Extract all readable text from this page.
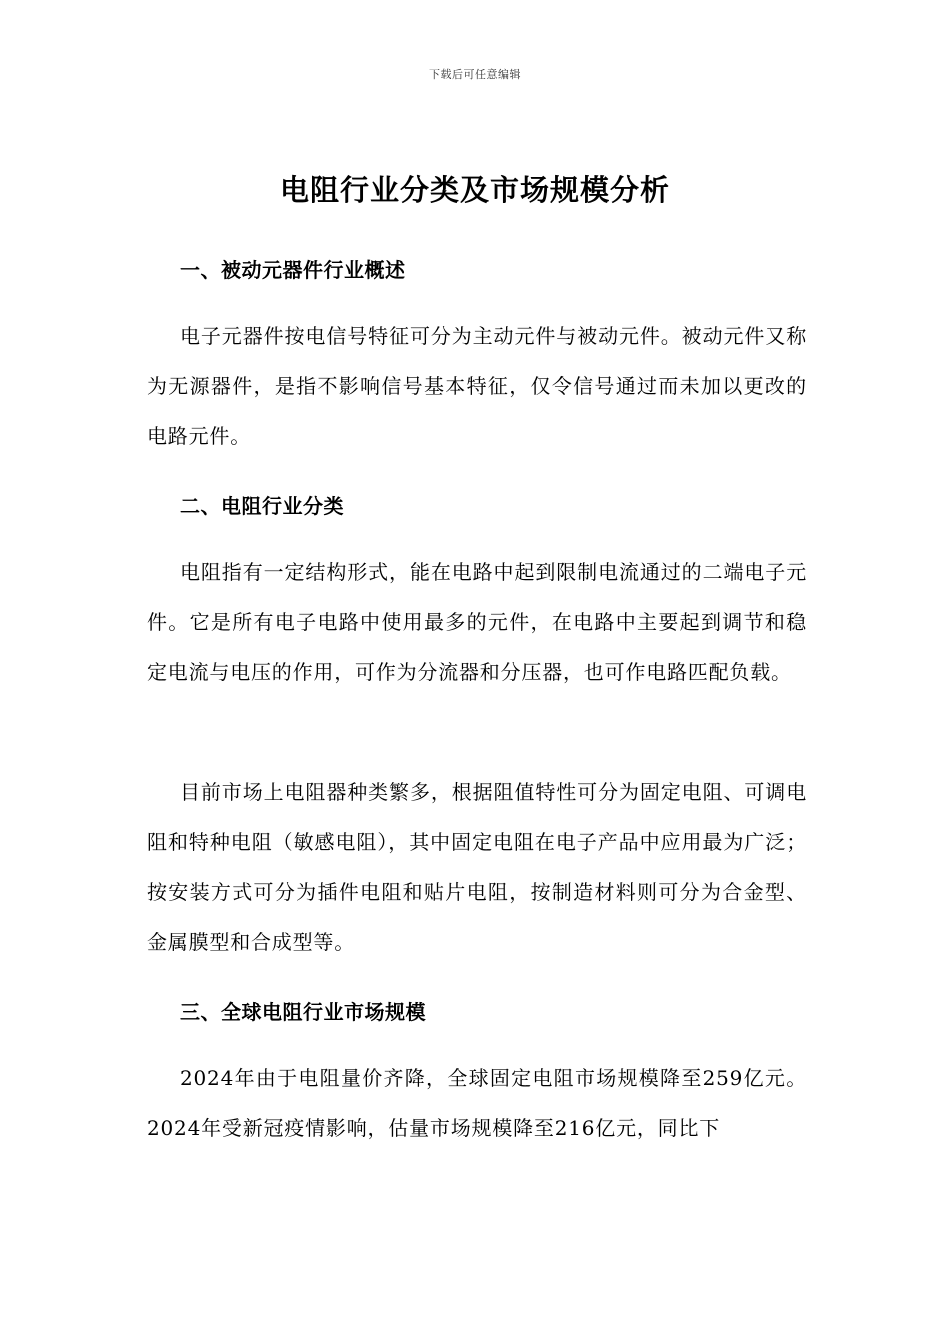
下载后可任意编辑
电阻行业分类及市场规模分析
一、被动元器件行业概述
电子元器件按电信号特征可分为主动元件与被动元件。被动元件又称为无源器件，是指不影响信号基本特征，仅令信号通过而未加以更改的电路元件。
二、电阻行业分类
电阻指有一定结构形式，能在电路中起到限制电流通过的二端电子元件。它是所有电子电路中使用最多的元件，在电路中主要起到调节和稳定电流与电压的作用，可作为分流器和分压器，也可作电路匹配负载。
目前市场上电阻器种类繁多，根据阻值特性可分为固定电阻、可调电阻和特种电阻（敏感电阻），其中固定电阻在电子产品中应用最为广泛；按安装方式可分为插件电阻和贴片电阻，按制造材料则可分为合金型、金属膜型和合成型等。
三、全球电阻行业市场规模
2024年由于电阻量价齐降，全球固定电阻市场规模降至259亿元。2024年受新冠疫情影响，估量市场规模降至216亿元，同比下
